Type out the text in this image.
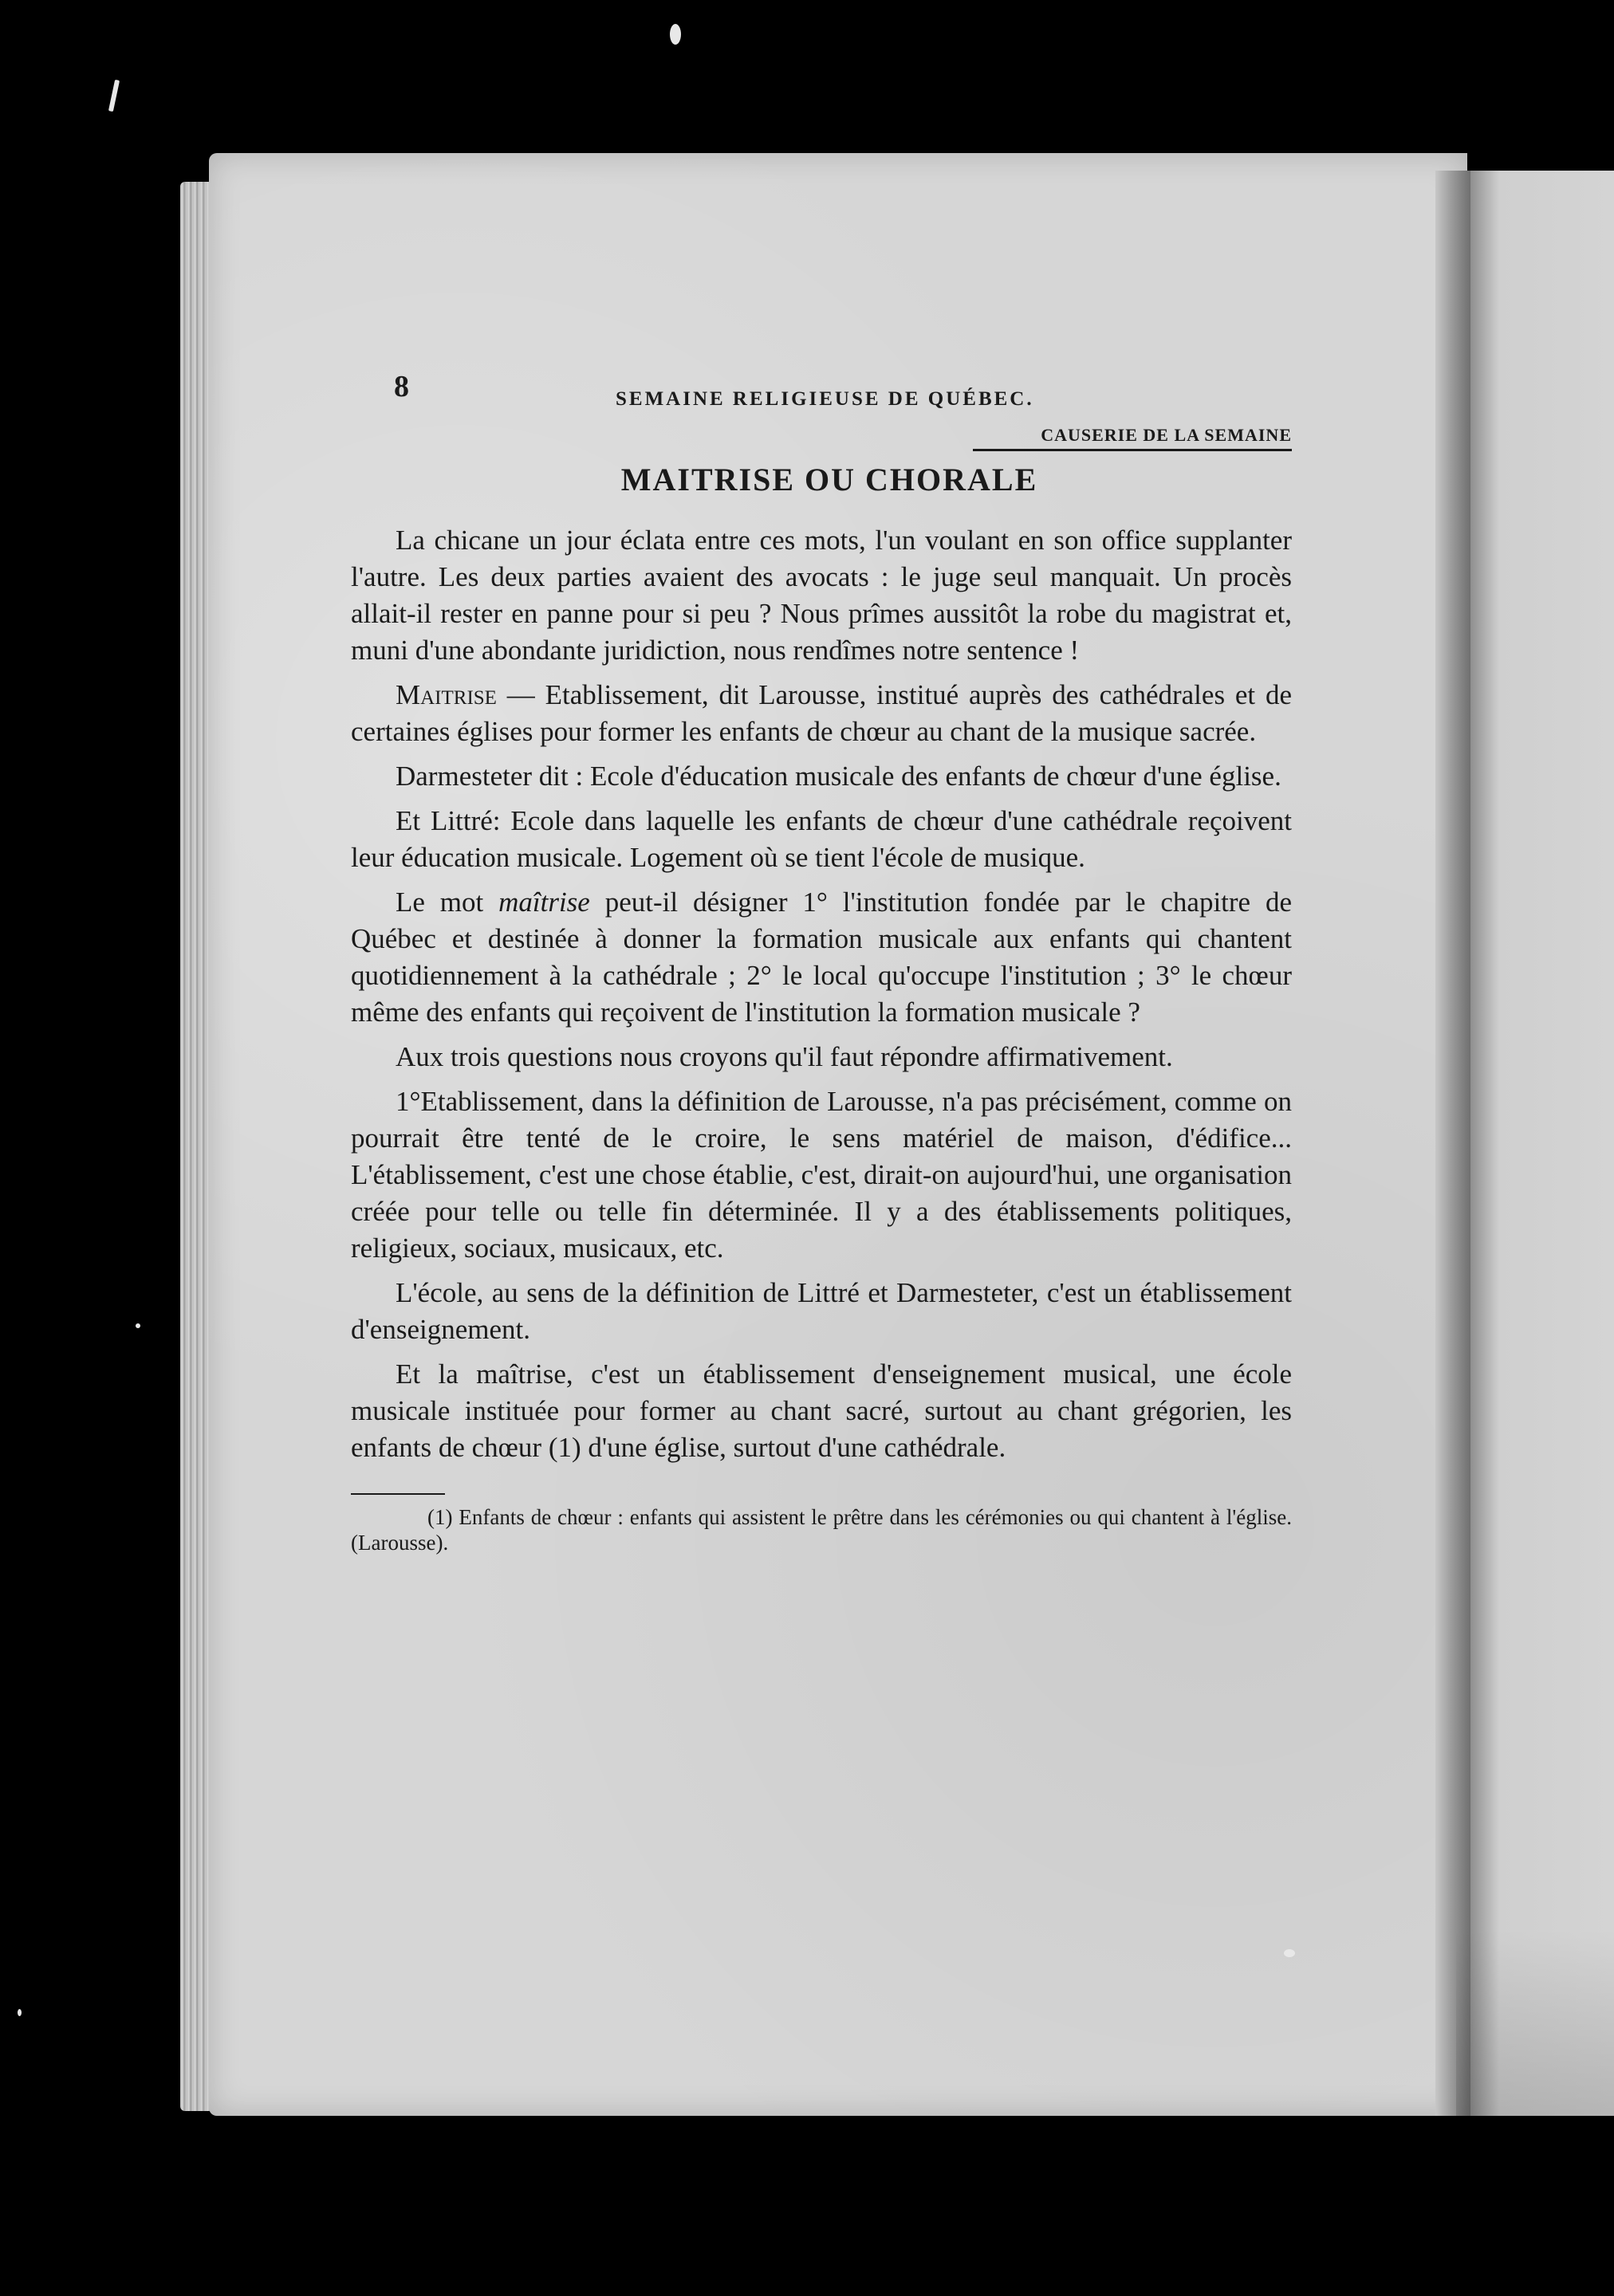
8	SEMAINE RELIGIEUSE DE QUÉBEC.
CAUSERIE DE LA SEMAINE
MAITRISE OU CHORALE

La chicane un jour éclata entre ces mots, l'un voulant en son office supplanter l'autre. Les deux parties avaient des avocats : le juge seul manquait. Un procès allait-il rester en panne pour si peu ? Nous prîmes aussitôt la robe du magistrat et, muni d'une abondante juridiction, nous rendîmes notre sentence !

Maitrise — Etablissement, dit Larousse, institué auprès des cathédrales et de certaines églises pour former les enfants de chœur au chant de la musique sacrée.

Darmesteter dit : Ecole d'éducation musicale des enfants de chœur d'une église.

Et Littré: Ecole dans laquelle les enfants de chœur d'une cathédrale reçoivent leur éducation musicale. Logement où se tient l'école de musique.

Le mot maîtrise peut-il désigner 1° l'institution fondée par le chapitre de Québec et destinée à donner la formation musicale aux enfants qui chantent quotidiennement à la cathédrale ; 2° le local qu'occupe l'institution ; 3° le chœur même des enfants qui reçoivent de l'institution la formation musicale ?

Aux trois questions nous croyons qu'il faut répondre affirmativement.

1°Etablissement, dans la définition de Larousse, n'a pas précisément, comme on pourrait être tenté de le croire, le sens matériel de maison, d'édifice... L'établissement, c'est une chose établie, c'est, dirait-on aujourd'hui, une organisation créée pour telle ou telle fin déterminée. Il y a des établissements politiques, religieux, sociaux, musicaux, etc.

L'école, au sens de la définition de Littré et Darmesteter, c'est un établissement d'enseignement.

Et la maîtrise, c'est un établissement d'enseignement musical, une école musicale instituée pour former au chant sacré, surtout au chant grégorien, les enfants de chœur (1) d'une église, surtout d'une cathédrale.

(1) Enfants de chœur : enfants qui assistent le prêtre dans les cérémonies ou qui chantent à l'église. (Larousse).
